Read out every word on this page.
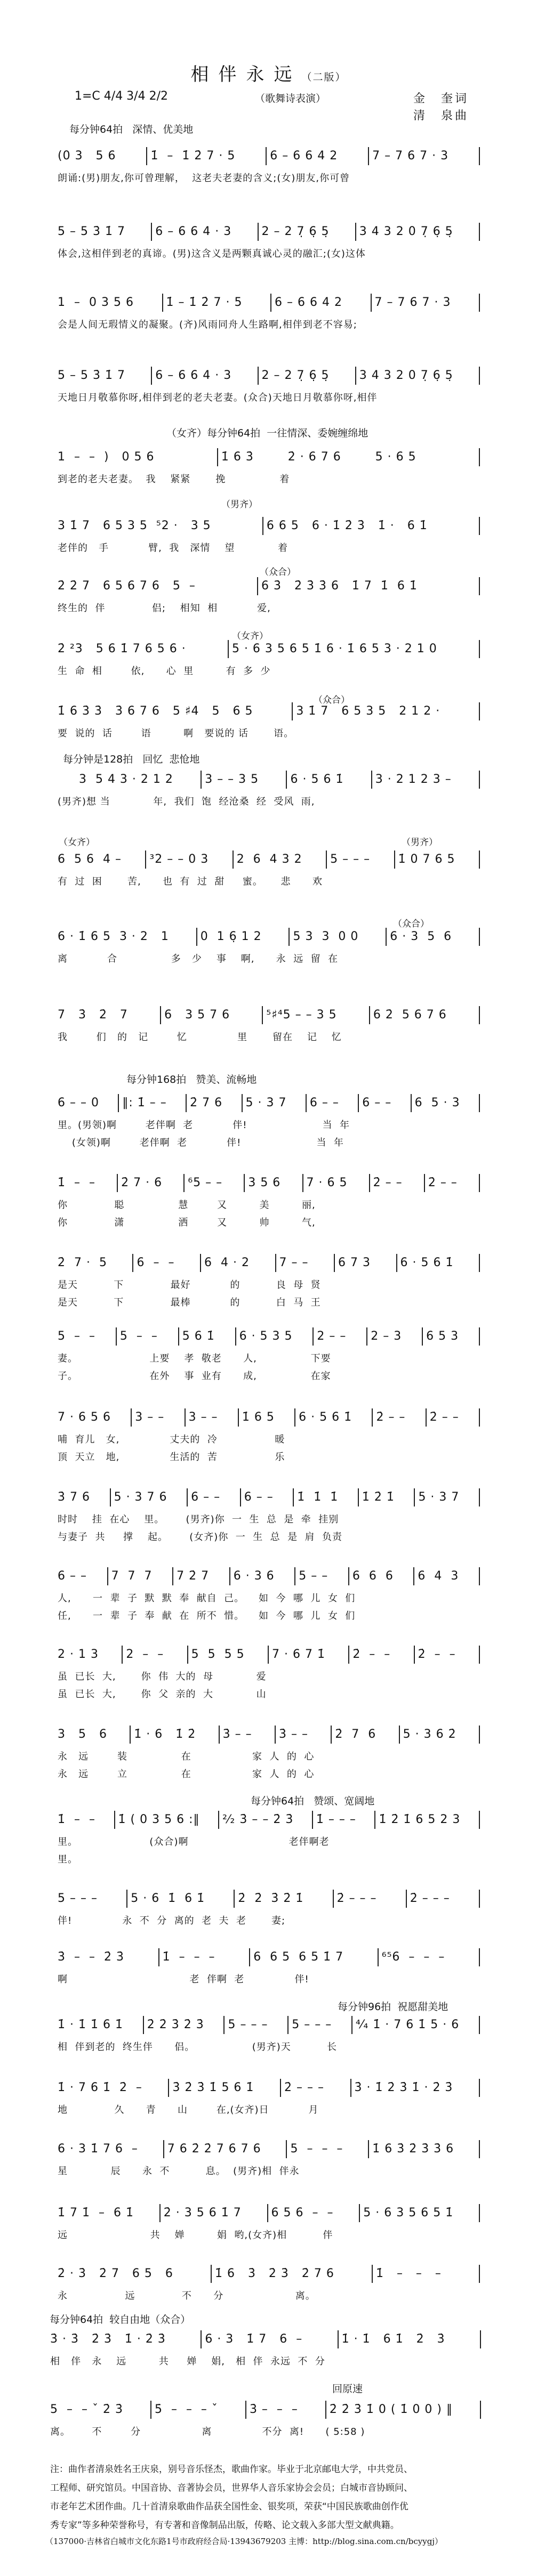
相伴永远（二版）
1=C 4/4 3/4 2/2	（歌舞诗表演）	金　奎词
清　泉曲
(0 3   5 6	1̇  –  1̇ 2̇ 7 · 5	6 – 6 6 4 2	7 – 7 6 7 · 3
朗诵:(男)朋友,你可曾理解，  这老夫老妻的含义;(女)朋友,你可曾
5 – 5 3̇ 1̇ 7	6 – 6 6 4 · 3	2 – 2 7̣ 6̣ 5̣	3 4 3 2 0 7̣ 6̣ 5̣
体会,这相伴到老的真谛。(男)这含义是两颗真诚心灵的融汇;(女)这体
1  –  0 3 5 6	1̇ – 1̇ 2̇ 7 · 5	6 – 6 6 4 2	7 – 7 6 7 · 3
会是人间无瑕情义的凝聚。(齐)风雨同舟人生路啊,相伴到老不容易;
5 – 5 3̇ 1̇ 7	6 – 6 6 4 · 3	2 – 2 7̣ 6̣ 5̣	3 4 3 2 0 7̣ 6̣ 5̣
天地日月敬慕你呀,相伴到老的老夫老妻。(众合)天地日月敬慕你呀,相伴
1  –  –  )   0 5 6	1̇ 6 3̇        2̇ · 6 7 6        5 · 6 5
到老的老夫老妻。  我    紧紧       挽               着
3 1̇ 7   6 5 3 5  ⁵2 ·   3 5	6 6 5   6 · 1̇ 2̇ 3̇   1̇ ·   6 1̇
老伴的   手           臂,  我   深情    望            着
2̇ 2̇ 7   6 5 6 7 6   5  –	6 3̇   2̇ 3̇ 3̇ 6   1̇ 7  1̇  6 1̇
终生的  伴             侣;    相知  相           爱,
2̇ ²3   5 6 1̇ 7 6 5 6 ·	5 · 6 3 5 6 5 1̇ 6 · 1̇ 6 5 3 · 2 1 0
生  命  相        依,      心  里         有  多  少
1̇ 6 3̇ 3̇   3̇ 6 7 6   5 ♯4   5   6 5	3 1̇ 7   6 5 3 5   2 1 2 ·
要  说的  话        语         啊   要说的 话       语。
3  5 4 3 · 2 1 2	3 – – 3 5	6 · 5 6 1̇	3 · 2 1 2 3 –
(男齐)想 当            年,  我们  饱  经沧桑  经  受风  雨,
6  5 6  4 –	³2 – – 0 3	2  6  4 3 2	5 – – –	1̇ 0 7 6 5
有  过  困       苦,      也  有  过  甜     蜜。     悲      欢
6 · 1̇ 6 5  3 · 2   1	0  1 6̣ 1 2	5 3  3  0 0	6 · 3  5  6
离           合               多   少    事    啊,      永  远  留  在
7   3̇   2̇   7	6   3 5 7 6	⁵♯⁴5 – – 3 5	6 2̇  5 6 7 6
我        们   的   记        忆              里       留在    记    忆
6 – – 0	‖: 1̇ – –	2̇ 7 6	5 · 3 7	6 – –	6 – –	6  5 · 3
里。(男领)啊        老伴啊  老           伴!                     当  年
(女领)啊        老伴啊  老           伴!                     当  年
1̇  –  –	2̇ 7 · 6	⁶5 – –	3 5 6	7 · 6 5	2̇ – –	2̇ – –
你             聪               慧        又         美         丽,
你             潇               洒        又         帅         气,
2̇  7 ·  5	6  –  –	6  4 · 2	7 – –	6 7 3	6 · 5 6 1̇
是天          下             最好           的          良  母  贤
是天          下             最棒           的          白  马  王
5  –  –	5  –  –	5 6 1̇	6 · 5 3 5	2 – –	2 – 3	6 5 3
妻。                    上要    孝  敬老      人,               下要
子。                    在外    事  业有      成,               在家
7 · 6 5 6	3 – –	3 – –	1̇ 6 5	6 · 5 6 1̇	2̇ – –	2̇ – –
哺  育儿   女,              丈夫的  冷                暖
顶  天立   地,              生活的  苦                乐
3̇ 7 6	5 · 3 7 6	6 – –	6 – –	1̇  1̇  1̇	1̇ 2̇ 1̇	5 · 3 7
时时    挂  在心    里。      (男齐)你  一  生  总  是  牵  挂别
与妻子  共     撑    起。      (女齐)你  一  生  总  是  肩  负责
6 – –	7  7  7	7 2̇ 7	6 · 3 6	5 – –	6  6  6	6  4  3
人,      一  辈  子  默  默  奉  献自  己。    如  今  哪  儿  女  们
任,      一  辈  子  奉  献  在  所不  惜。    如  今  哪  儿  女  们
2 · 1 3	2  –  –	5  5  5 5	7 · 6 7 1̇	2̇  –  –	2̇  –  –
虽  已长  大,       你  伟  大的  母            爱
虽  已长  大,       你  父  亲的  大            山
3   5   6	1̇ · 6   1̇ 2̇	3̇ – –	3̇ – –	2̇  7  6	5 · 3 6 2̇
永   远        装               在                 家  人  的  心
永   远        立               在                 家  人  的  心
1̇  –  –	1̇ ( 0 3 5 6 :‖	²⁄₂ 3̇ – – 2̇ 3̇	1̇ – – –	1̇ 2̇ 1̇ 6 5 2 3
里。                    (众合)啊                            老伴啊老
里。
5 – – –	5 · 6  1̇  6 1̇	2̇  2̇  3̇ 2̇ 1̇	2̇ – – –	2̇ – – –
伴!              永  不  分  离的  老  夫  老       妻;
3̇  –  –  2̇ 3̇	1̇  –  –  –	6  6 5  6 5 1̇ 7	⁶⁵6  –  –  –
啊                                  老  伴啊  老              伴!
1̇ · 1̇ 1̇ 6 1̇	2̇ 2̇ 3̇ 2̇ 3̇	5 – – –	5 – – –	⁴⁄₄ 1̇ · 7 6 1̇ 5 · 6
相  伴到老的  终生伴      侣。                (男齐)天          长
1̇ · 7 6 1̇  2̇  –	3̇ 2̇ 3̇ 1̇ 5 6 1̇	2̇ – – –	3̇ · 1̇ 2̇ 3̇ 1̇ · 2̇ 3̇
地             久      青      山        在,(女齐)日           月
6 · 3 1̇ 7 6  –	7 6 2̇ 2̇ 7 6 7 6	5  –  –  –	1̇ 6 3̇ 2̇ 3̇ 3̇ 6
星            辰      永  不          息。  (男齐)相  伴永
1̇ 7 1̇  –  6 1̇	2̇ · 3 5 6 1̇ 7	6 5 6  –  –	5 · 6 3 5 6 5 1̇
远                       共    婵         娟  哟,(女齐)相          伴
2̇ · 3̇   2̇ 7   6 5   6	1̇ 6   3̇   2̇ 3̇   2̇ 7 6	1̇   –   –   –
永                远             不      分                    离。
3̇ · 3̇   2̇ 3̇   1̇ · 2̇ 3̇	6 · 3   1̇ 7   6  –	1̇ · 1̇   6 1̇   2̇   3̇
相   伴   永    远         共     婵    娟,   相  伴  永远  不  分
5  –  – ˇ 2̇ 3̇	5̇  –  –  – ˇ	3̇ –  –  –	2̇ 2̇ 3̇ 1̇ 0 ( 1̇ 0 0 ) ‖
离。      不        分                 离              不分  离!      ( 5:58 )
每分钟64拍   深情、优美地
（女齐）每分钟64拍  一往情深、委婉缠绵地
每分钟是128拍   回忆  悲怆地
每分钟168拍   赞美、流畅地
每分钟64拍   赞颂、宽阔地
每分钟96拍  祝愿甜美地
每分钟64拍  较自由地（众合）
回原速
（男齐）
（众合）
（女齐）
（众合）
（女齐）	（男齐）
（众合）
注：曲作者清泉姓名王庆泉，别号音乐怪杰，歌曲作家。毕业于北京邮电大学，中共党员、
工程师、研究馆员。中国音协、音著协会员，世界华人音乐家协会会员；白城市音协顾问、
市老年艺术团作曲。几十首清泉歌曲作品获全国性金、银奖项，荣获“中国民族歌曲创作优
秀专家”等多种荣誉称号，有专著和音像制品出版，传略、论文载入多部大型文献典籍。
（137000·吉林省白城市文化东路1号市政府经合局·13943679203 主博：http://blog.sina.com.cn/bcyygj）
